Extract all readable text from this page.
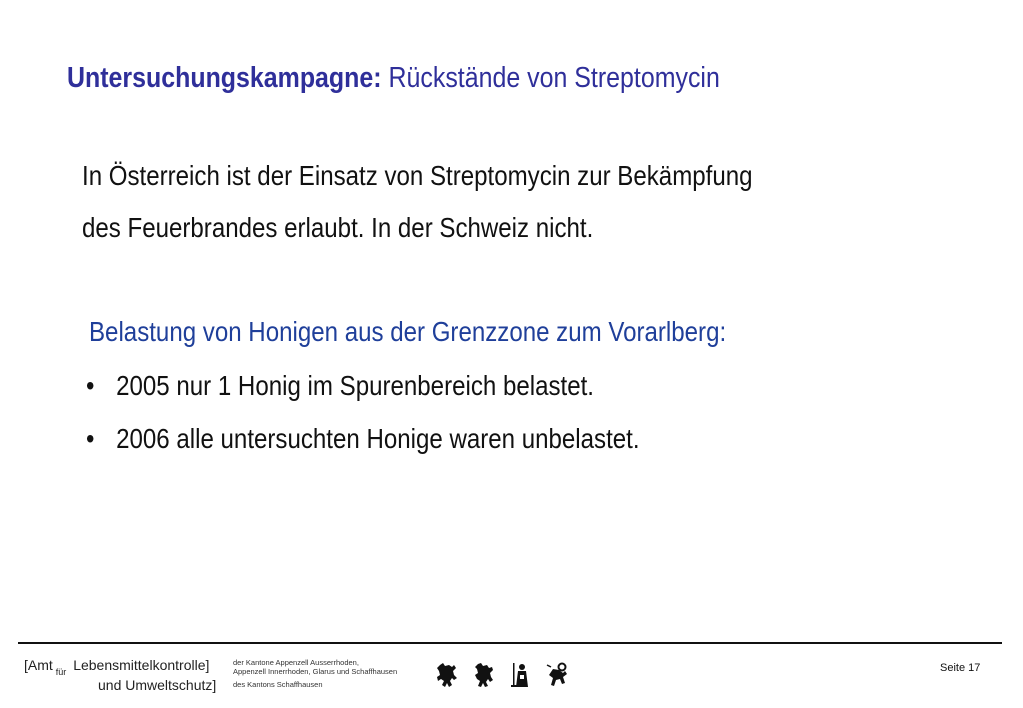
Untersuchungskampagne: Rückstände von Streptomycin
In Österreich ist der Einsatz von Streptomycin zur Bekämpfung
des Feuerbrandes erlaubt. In der Schweiz nicht.
Belastung von Honigen aus der Grenzzone zum Vorarlberg:
• 2005 nur 1 Honig im Spurenbereich belastet.
• 2006 alle untersuchten Honige waren unbelastet.
[Amt $_{für}$ Lebensmittelkontrolle]
und Umweltschutz]
der Kantone Appenzell Ausserrhoden,
Appenzell Innerrhoden, Glarus und Schaffhausen
des Kantons Schaffhausen
Seite 17
